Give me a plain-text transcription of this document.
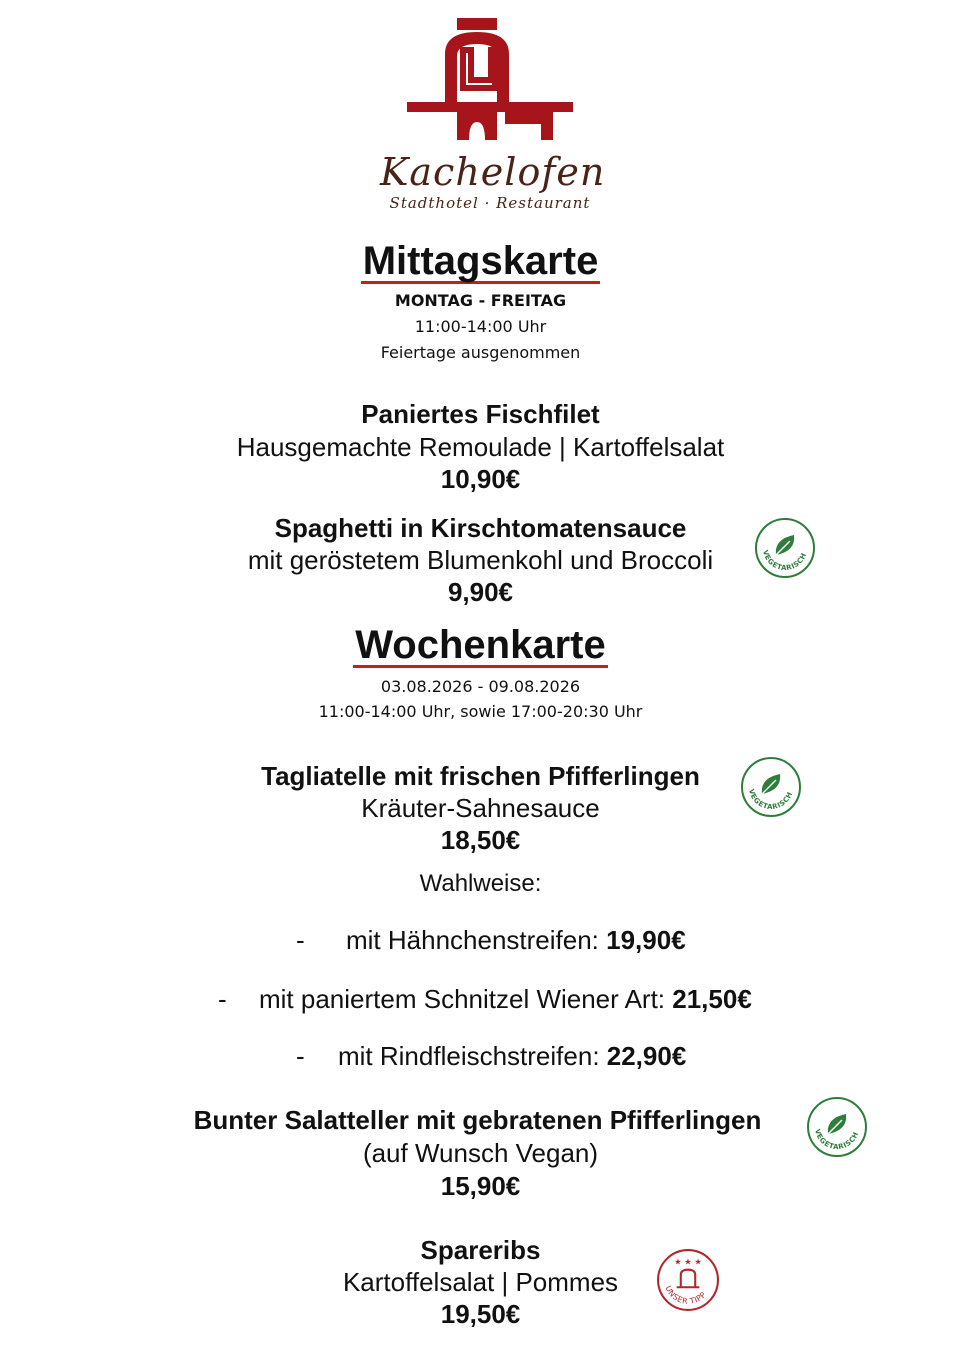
Kachelofen
Stadthotel · Restaurant
Mittagskarte
MONTAG - FREITAG
11:00-14:00 Uhr
Feiertage ausgenommen
Paniertes Fischfilet
Hausgemachte Remoulade | Kartoffelsalat
10,90€
Spaghetti in Kirschtomatensauce
mit geröstetem Blumenkohl und Broccoli
9,90€
Wochenkarte
03.08.2026 - 09.08.2026
11:00-14:00 Uhr, sowie 17:00-20:30 Uhr
Tagliatelle mit frischen Pfifferlingen
Kräuter-Sahnesauce
18,50€
Wahlweise:
- mit Hähnchenstreifen: 19,90€
- mit paniertem Schnitzel Wiener Art: 21,50€
- mit Rindfleischstreifen: 22,90€
Bunter Salatteller mit gebratenen Pfifferlingen
(auf Wunsch Vegan)
15,90€
Spareribs
Kartoffelsalat | Pommes
19,50€
VEGETARISCH
VEGETARISCH
VEGETARISCH
★ ★ ★
UNSER TIPP
